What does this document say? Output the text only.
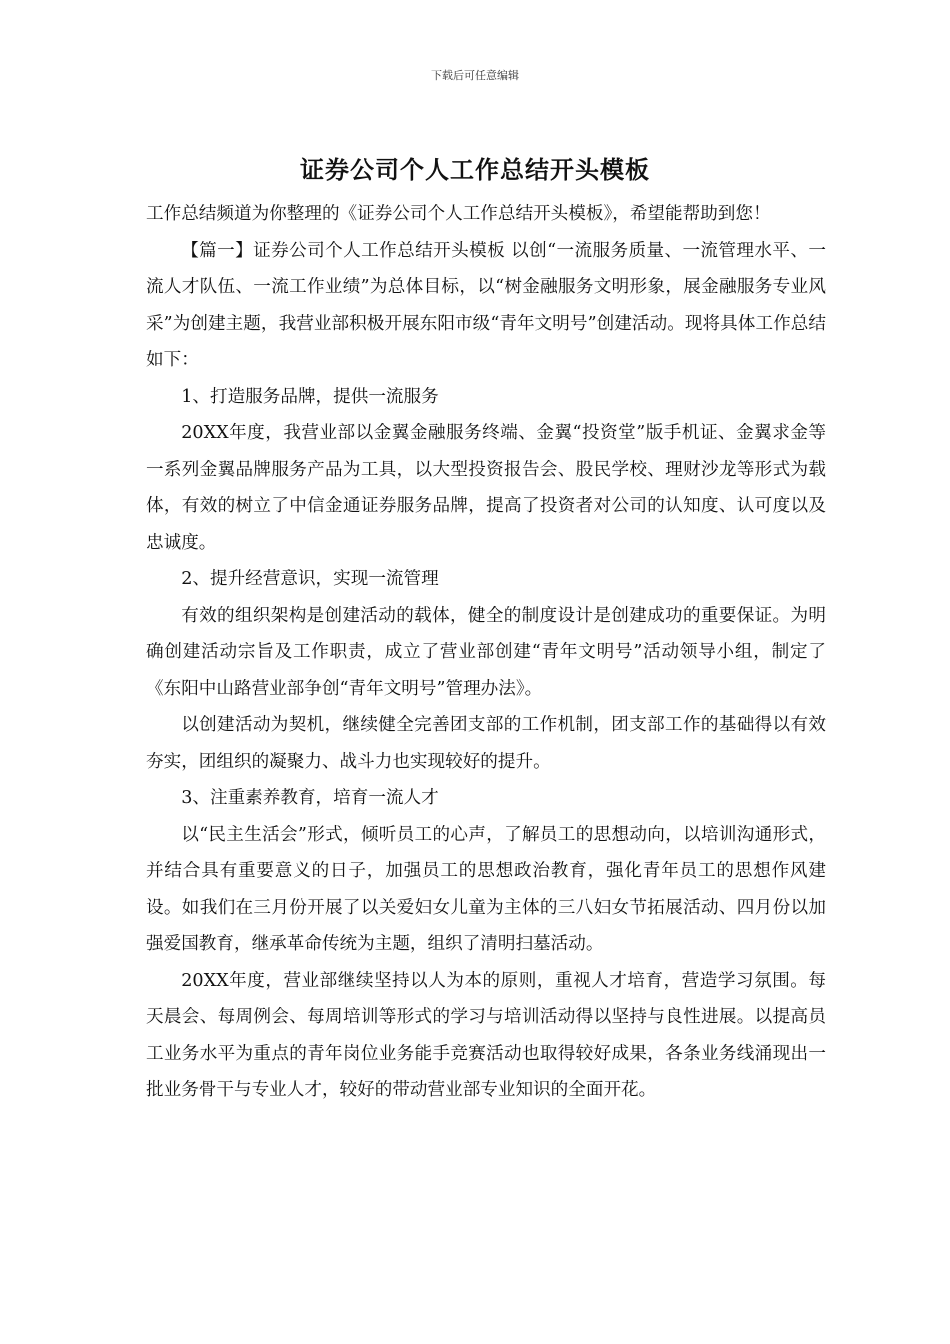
下载后可任意编辑
证券公司个人工作总结开头模板

工作总结频道为你整理的《证券公司个人工作总结开头模板》，希望能帮助到您！

【篇一】证券公司个人工作总结开头模板 以创“一流服务质量、一流管理水平、一流人才队伍、一流工作业绩”为总体目标，以“树金融服务文明形象，展金融服务专业风采”为创建主题，我营业部积极开展东阳市级“青年文明号”创建活动。现将具体工作总结如下：

1、打造服务品牌，提供一流服务

20XX年度，我营业部以金翼金融服务终端、金翼“投资堂”版手机证、金翼求金等一系列金翼品牌服务产品为工具，以大型投资报告会、股民学校、理财沙龙等形式为载体，有效的树立了中信金通证券服务品牌，提高了投资者对公司的认知度、认可度以及忠诚度。

2、提升经营意识，实现一流管理

有效的组织架构是创建活动的载体，健全的制度设计是创建成功的重要保证。为明确创建活动宗旨及工作职责，成立了营业部创建“青年文明号”活动领导小组，制定了《东阳中山路营业部争创“青年文明号”管理办法》。

以创建活动为契机，继续健全完善团支部的工作机制，团支部工作的基础得以有效夯实，团组织的凝聚力、战斗力也实现较好的提升。

3、注重素养教育，培育一流人才

以“民主生活会”形式，倾听员工的心声，了解员工的思想动向，以培训沟通形式，并结合具有重要意义的日子，加强员工的思想政治教育，强化青年员工的思想作风建设。如我们在三月份开展了以关爱妇女儿童为主体的三八妇女节拓展活动、四月份以加强爱国教育，继承革命传统为主题，组织了清明扫墓活动。

20XX年度，营业部继续坚持以人为本的原则，重视人才培育，营造学习氛围。每天晨会、每周例会、每周培训等形式的学习与培训活动得以坚持与良性进展。以提高员工业务水平为重点的青年岗位业务能手竞赛活动也取得较好成果，各条业务线涌现出一批业务骨干与专业人才，较好的带动营业部专业知识的全面开花。
